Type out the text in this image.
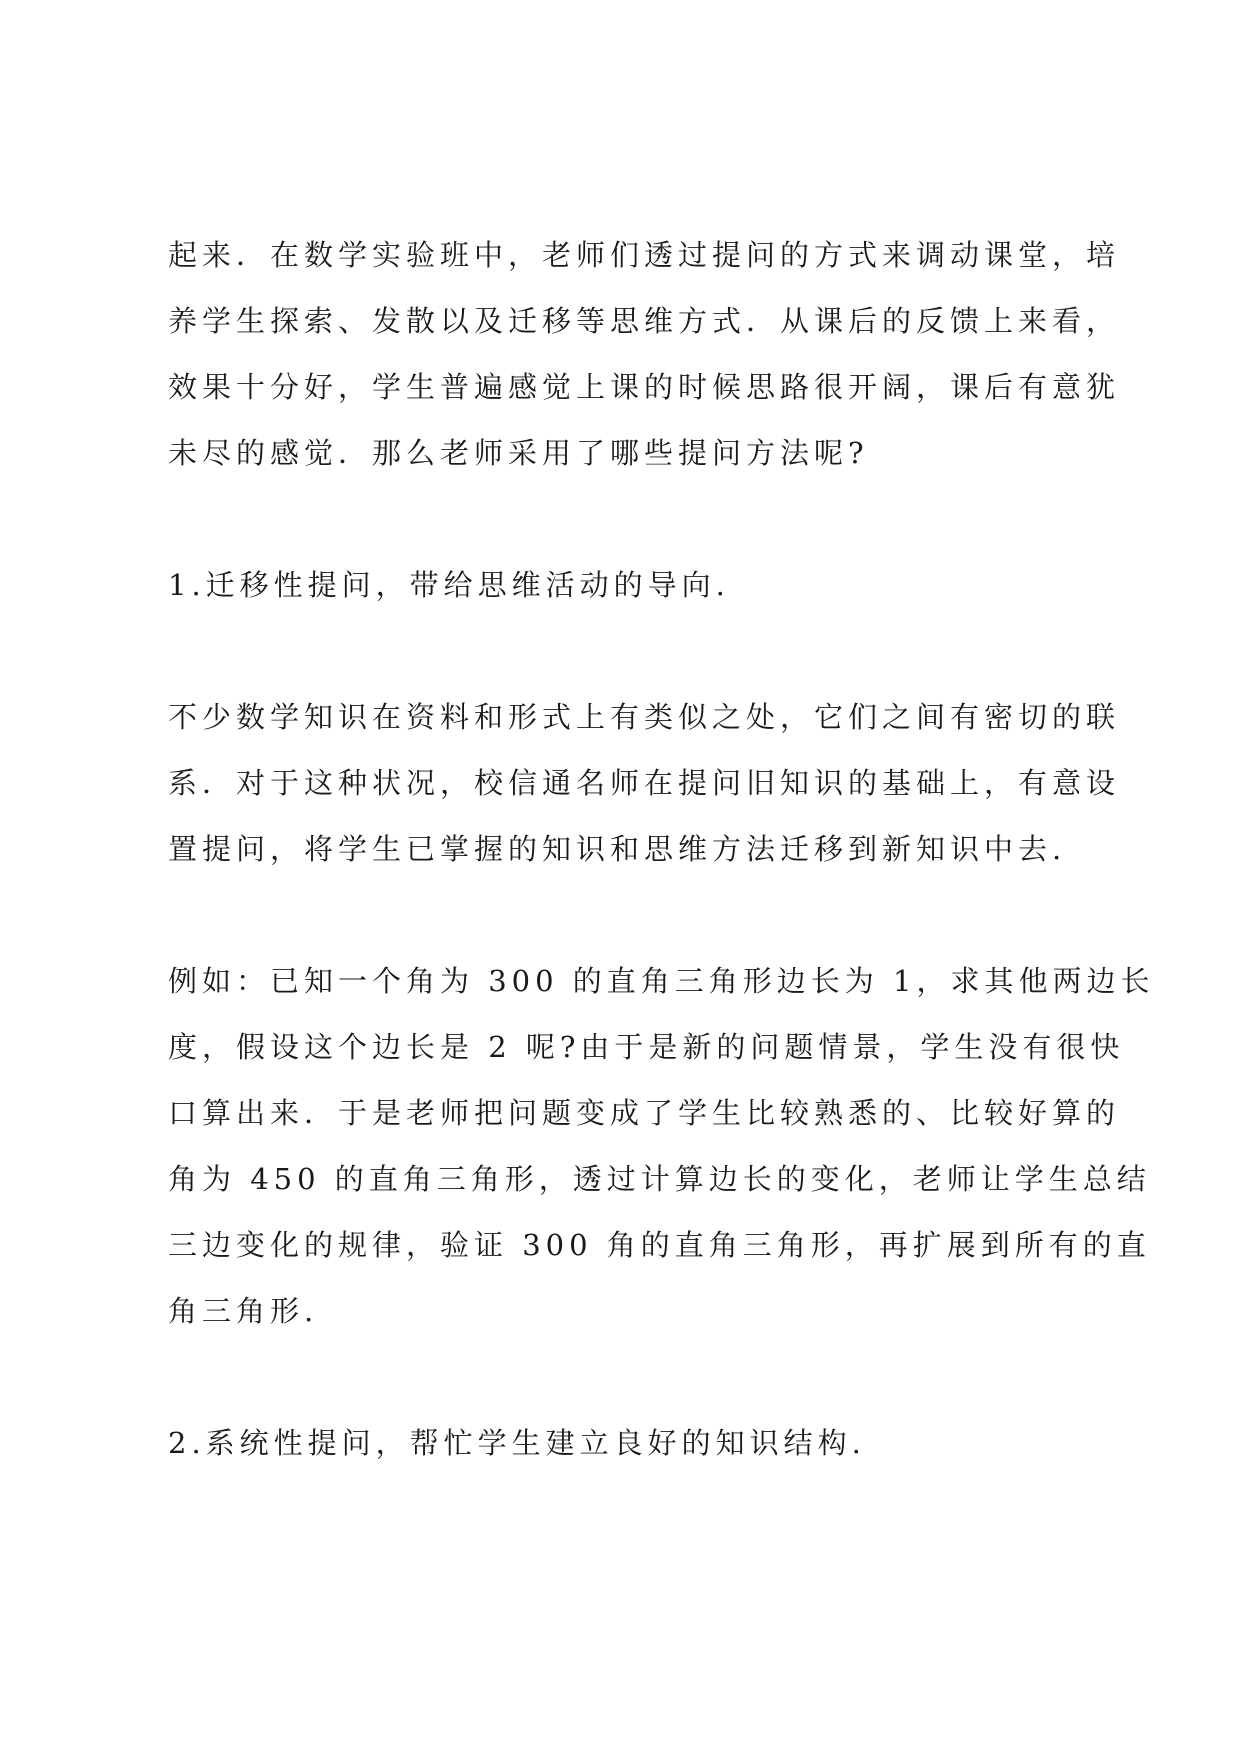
起来．在数学实验班中，老师们透过提问的方式来调动课堂，培
养学生探索、发散以及迁移等思维方式．从课后的反馈上来看，
效果十分好，学生普遍感觉上课的时候思路很开阔，课后有意犹
未尽的感觉．那么老师采用了哪些提问方法呢?
1.迁移性提问，带给思维活动的导向.
不少数学知识在资料和形式上有类似之处，它们之间有密切的联
系．对于这种状况，校信通名师在提问旧知识的基础上，有意设
置提问，将学生已掌握的知识和思维方法迁移到新知识中去.
例如：已知一个角为 300 的直角三角形边长为 1，求其他两边长
度，假设这个边长是 2 呢?由于是新的问题情景，学生没有很快
口算出来．于是老师把问题变成了学生比较熟悉的、比较好算的
角为 450 的直角三角形，透过计算边长的变化，老师让学生总结
三边变化的规律，验证 300 角的直角三角形，再扩展到所有的直
角三角形.
2.系统性提问，帮忙学生建立良好的知识结构.
